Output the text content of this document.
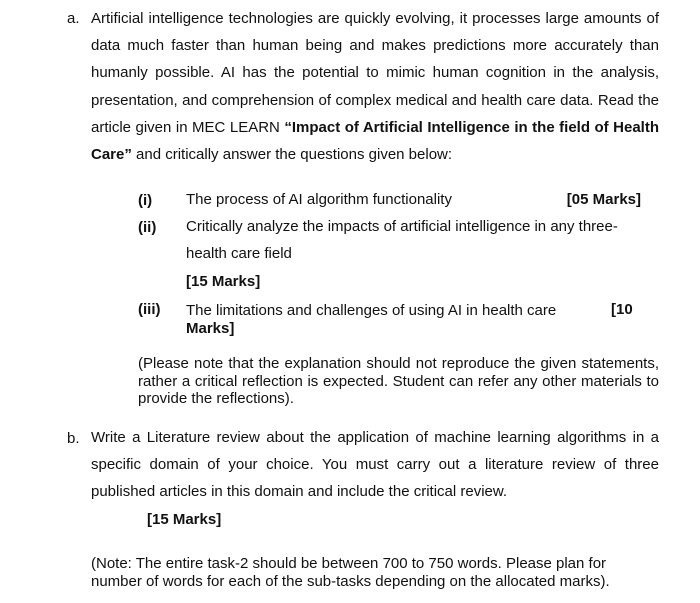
a. Artificial intelligence technologies are quickly evolving, it processes large amounts of data much faster than human being and makes predictions more accurately than humanly possible. AI has the potential to mimic human cognition in the analysis, presentation, and comprehension of complex medical and health care data. Read the article given in MEC LEARN “Impact of Artificial Intelligence in the field of Health Care” and critically answer the questions given below:
(i) The process of AI algorithm functionality	[05 Marks]
(ii) Critically analyze the impacts of artificial intelligence in any three-health care field
[15 Marks]
(iii) The limitations and challenges of using AI in health care	[10
Marks]
(Please note that the explanation should not reproduce the given statements, rather a critical reflection is expected. Student can refer any other materials to provide the reflections).
b. Write a Literature review about the application of machine learning algorithms in a specific domain of your choice. You must carry out a literature review of three published articles in this domain and include the critical review.
[15 Marks]
(Note: The entire task-2 should be between 700 to 750 words. Please plan for number of words for each of the sub-tasks depending on the allocated marks).
